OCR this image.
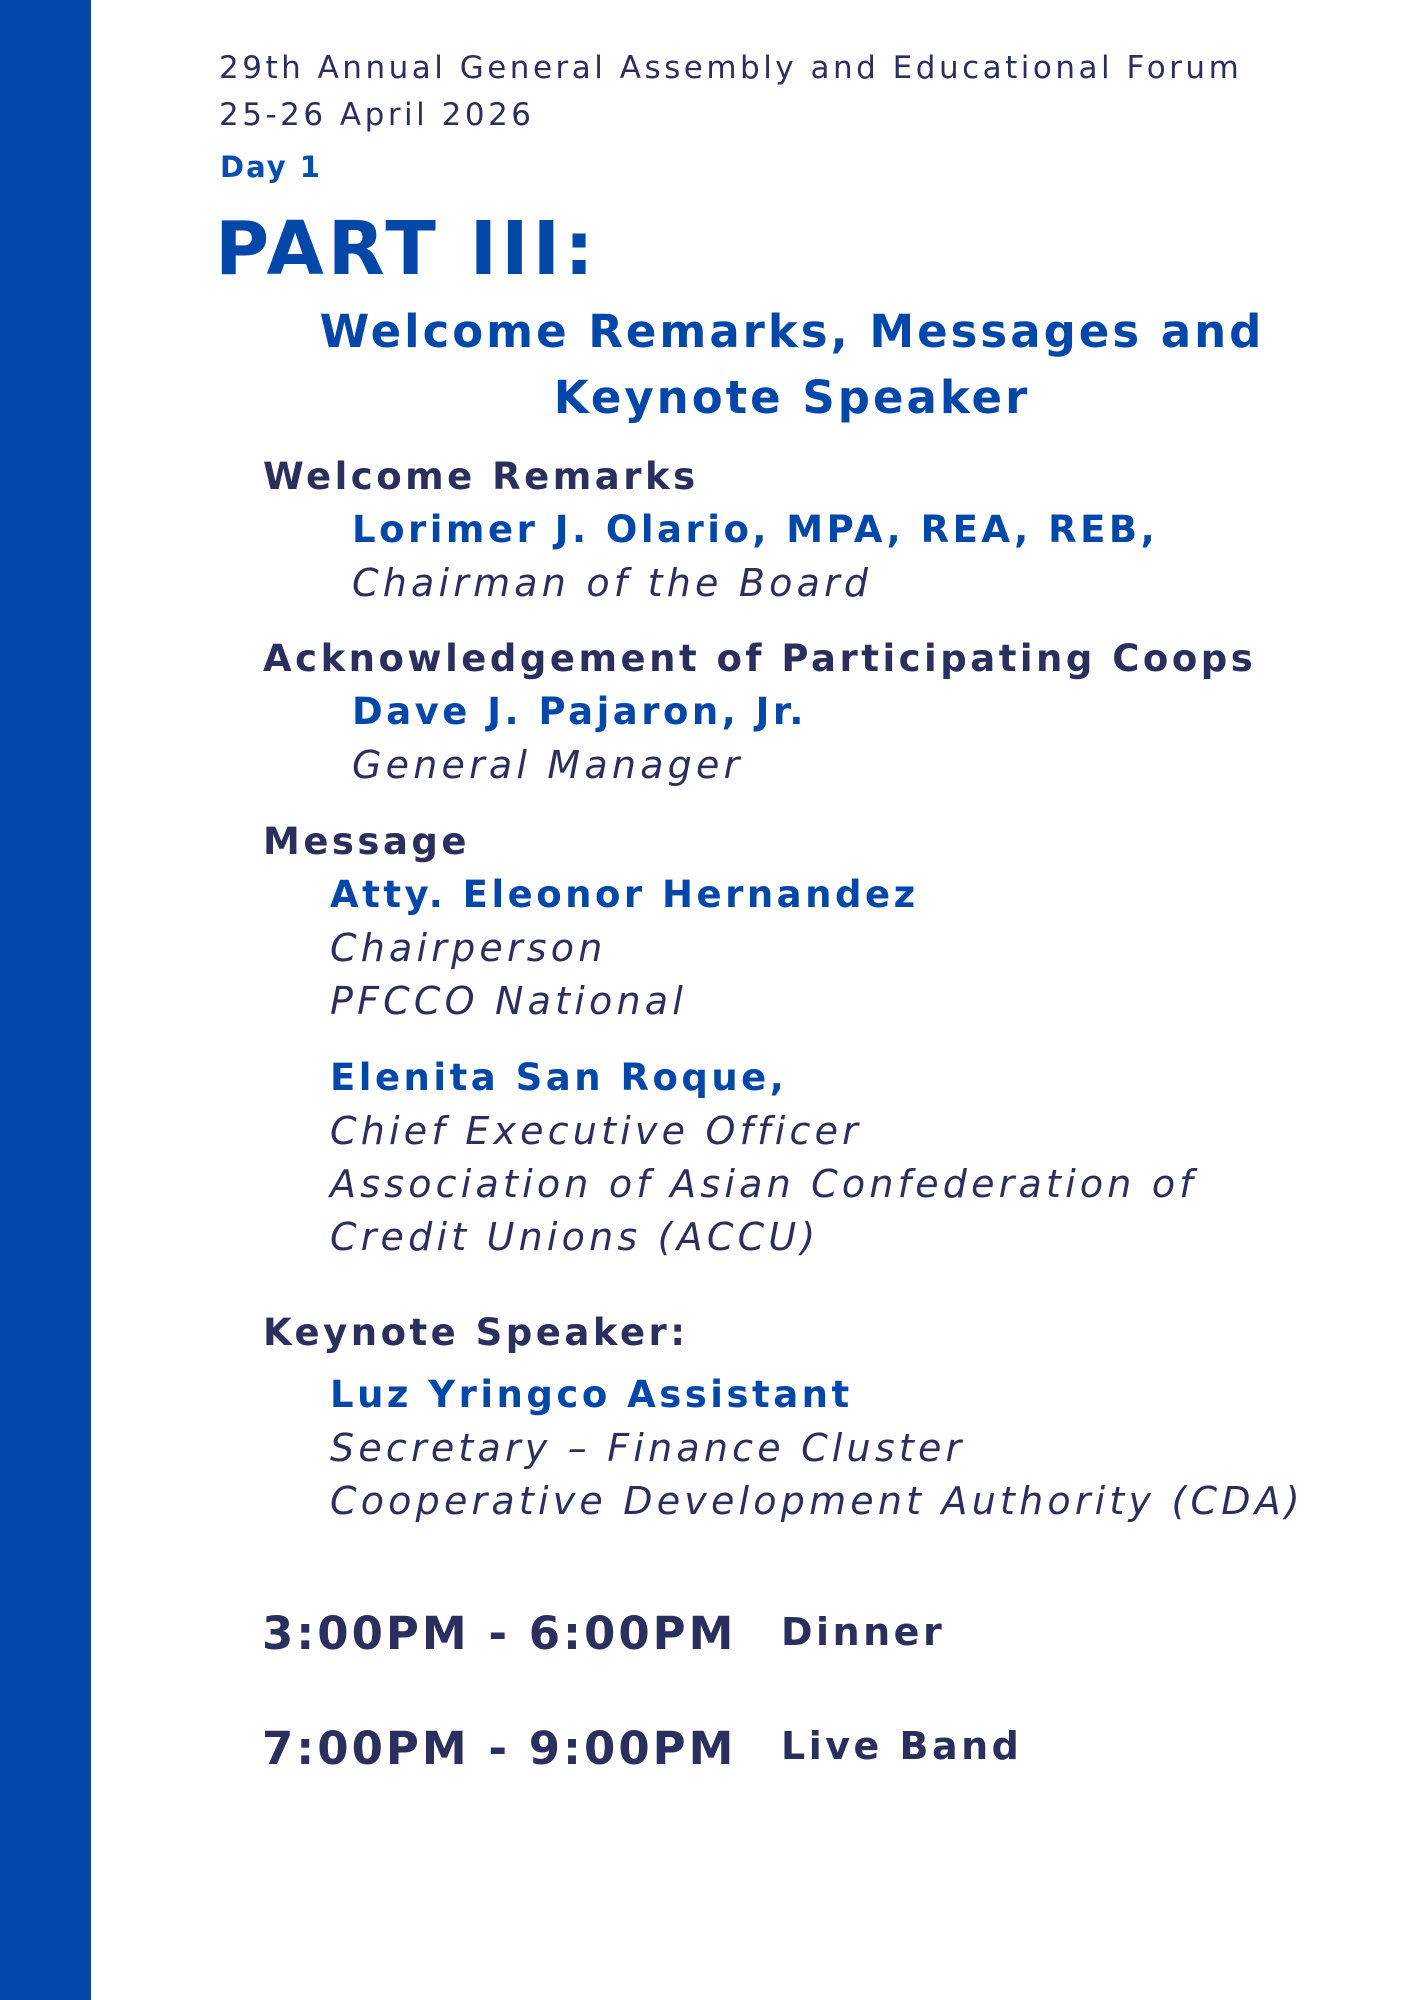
29th Annual General Assembly and Educational Forum

25-26 April 2026

Day 1

PART III:

Welcome Remarks, Messages and
Keynote Speaker

Welcome Remarks

Lorimer J. Olario, MPA, REA, REB,

Chairman of the Board

Acknowledgement of Participating Coops

Dave J. Pajaron, Jr.

General Manager

Message

Atty. Eleonor Hernandez

Chairperson

PFCCO National

Elenita San Roque,

Chief Executive Officer

Association of Asian Confederation of

Credit Unions (ACCU)

Keynote Speaker:

Luz Yringco Assistant

Secretary – Finance Cluster

Cooperative Development Authority (CDA)

3:00PM - 6:00PM Dinner

7:00PM - 9:00PM Live Band
